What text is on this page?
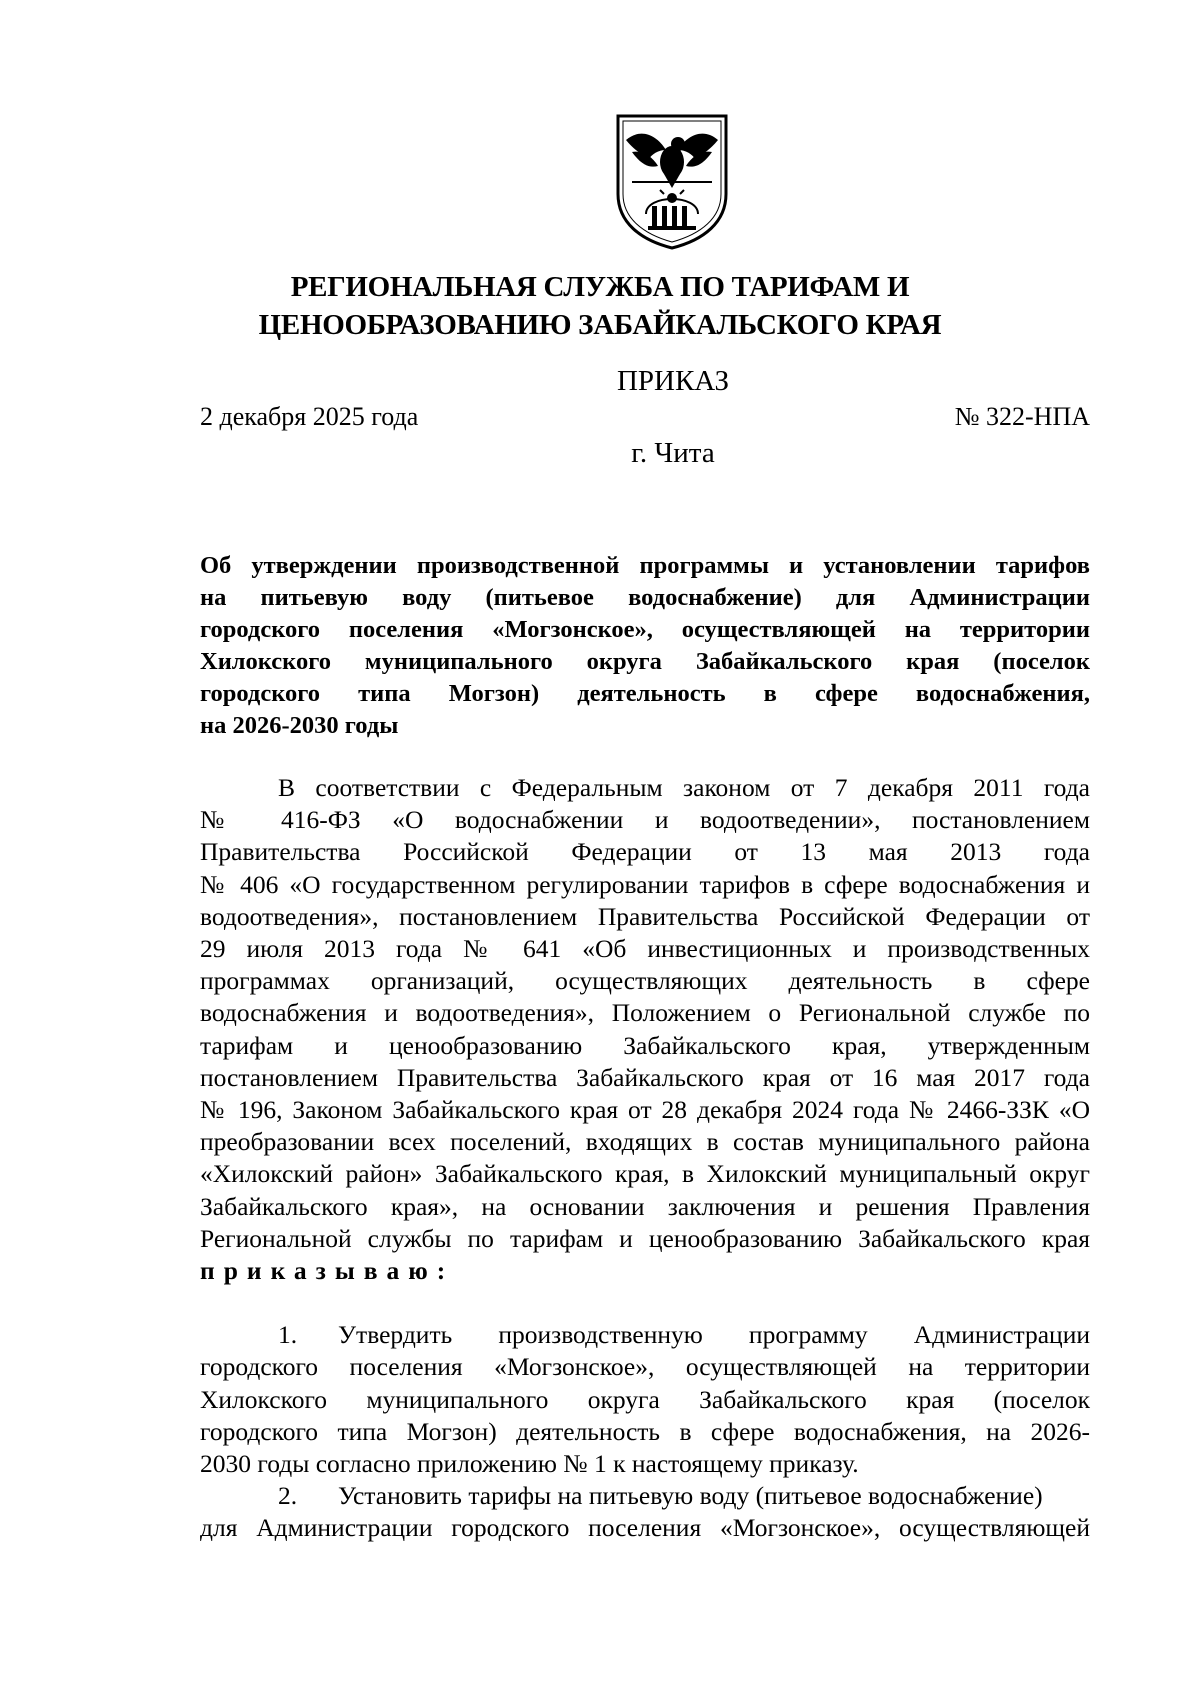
РЕГИОНАЛЬНАЯ СЛУЖБА ПО ТАРИФАМ И
ЦЕНООБРАЗОВАНИЮ ЗАБАЙКАЛЬСКОГО КРАЯ
ПРИКАЗ
2 декабря 2025 года	№ 322-НПА
г. Чита
Об утверждении производственной программы и установлении тарифов
на питьевую воду (питьевое водоснабжение) для Администрации
городского поселения «Могзонское», осуществляющей на территории
Хилокского муниципального округа Забайкальского края (поселок
городского типа Могзон) деятельность в сфере водоснабжения,
на 2026-2030 годы
В соответствии с Федеральным законом от 7 декабря 2011 года
№ 416-ФЗ «О водоснабжении и водоотведении», постановлением
Правительства Российской Федерации от 13 мая 2013 года
№ 406 «О государственном регулировании тарифов в сфере водоснабжения и
водоотведения», постановлением Правительства Российской Федерации от
29 июля 2013 года № 641 «Об инвестиционных и производственных
программах организаций, осуществляющих деятельность в сфере
водоснабжения и водоотведения», Положением о Региональной службе по
тарифам и ценообразованию Забайкальского края, утвержденным
постановлением Правительства Забайкальского края от 16 мая 2017 года
№ 196, Законом Забайкальского края от 28 декабря 2024 года № 2466-ЗЗК «О
преобразовании всех поселений, входящих в состав муниципального района
«Хилокский район» Забайкальского края, в Хилокский муниципальный округ
Забайкальского края», на основании заключения и решения Правления
Региональной службы по тарифам и ценообразованию Забайкальского края
приказываю:
1. Утвердить производственную программу Администрации
городского поселения «Могзонское», осуществляющей на территории
Хилокского муниципального округа Забайкальского края (поселок
городского типа Могзон) деятельность в сфере водоснабжения, на 2026-
2030 годы согласно приложению № 1 к настоящему приказу.
2. Установить тарифы на питьевую воду (питьевое водоснабжение)
для Администрации городского поселения «Могзонское», осуществляющей
